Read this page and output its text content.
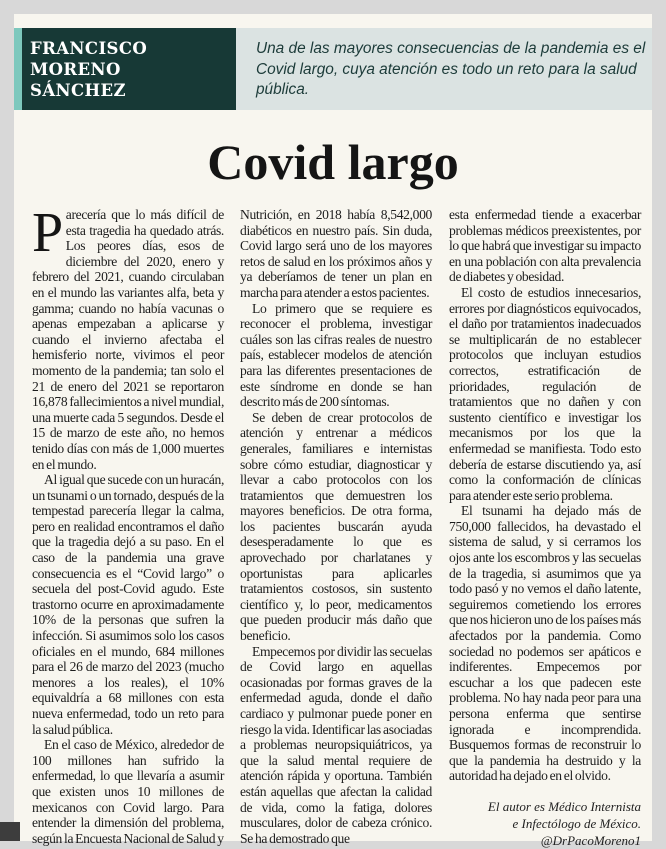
FRANCISCO
MORENO
SÁNCHEZ

Una de las mayores consecuencias de la pandemia es el Covid largo, cuya atención es todo un reto para la salud pública.

Covid largo

Parecería que lo más difícil de esta tragedia ha quedado atrás. Los peores días, esos de diciembre del 2020, enero y febrero del 2021, cuando circulaban en el mundo las variantes alfa, beta y gamma; cuando no había vacunas o apenas empezaban a aplicarse y cuando el invierno afectaba el hemisferio norte, vivimos el peor momento de la pandemia; tan solo el 21 de enero del 2021 se reportaron 16,878 fallecimientos a nivel mundial, una muerte cada 5 segundos. Desde el 15 de marzo de este año, no hemos tenido días con más de 1,000 muertes en el mundo.

Al igual que sucede con un huracán, un tsunami o un tornado, después de la tempestad parecería llegar la calma, pero en realidad encontramos el daño que la tragedia dejó a su paso. En el caso de la pandemia una grave consecuencia es el “Covid largo” o secuela del post-Covid agudo. Este trastorno ocurre en aproximadamente 10% de la personas que sufren la infección. Si asumimos solo los casos oficiales en el mundo, 684 millones para el 26 de marzo del 2023 (mucho menores a los reales), el 10% equivaldría a 68 millones con esta nueva enfermedad, todo un reto para la salud pública.

En el caso de México, alrededor de 100 millones han sufrido la enfermedad, lo que llevaría a asumir que existen unos 10 millones de mexicanos con Covid largo. Para entender la dimensión del problema, según la Encuesta Nacional de Salud y

Nutrición, en 2018 había 8,542,000 diabéticos en nuestro país. Sin duda, Covid largo será uno de los mayores retos de salud en los próximos años y ya deberíamos de tener un plan en marcha para atender a estos pacientes.

Lo primero que se requiere es reconocer el problema, investigar cuáles son las cifras reales de nuestro país, establecer modelos de atención para las diferentes presentaciones de este síndrome en donde se han descrito más de 200 síntomas.

Se deben de crear protocolos de atención y entrenar a médicos generales, familiares e internistas sobre cómo estudiar, diagnosticar y llevar a cabo protocolos con los tratamientos que demuestren los mayores beneficios. De otra forma, los pacientes buscarán ayuda desesperadamente lo que es aprovechado por charlatanes y oportunistas para aplicarles tratamientos costosos, sin sustento científico y, lo peor, medicamentos que pueden producir más daño que beneficio.

Empecemos por dividir las secuelas de Covid largo en aquellas ocasionadas por formas graves de la enfermedad aguda, donde el daño cardiaco y pulmonar puede poner en riesgo la vida. Identificar las asociadas a problemas neuropsiquiátricos, ya que la salud mental requiere de atención rápida y oportuna. También están aquellas que afectan la calidad de vida, como la fatiga, dolores musculares, dolor de cabeza crónico. Se ha demostrado que

esta enfermedad tiende a exacerbar problemas médicos preexistentes, por lo que habrá que investigar su impacto en una población con alta prevalencia de diabetes y obesidad.

El costo de estudios innecesarios, errores por diagnósticos equivocados, el daño por tratamientos inadecuados se multiplicarán de no establecer protocolos que incluyan estudios correctos, estratificación de prioridades, regulación de tratamientos que no dañen y con sustento científico e investigar los mecanismos por los que la enfermedad se manifiesta. Todo esto debería de estarse discutiendo ya, así como la conformación de clínicas para atender este serio problema.

El tsunami ha dejado más de 750,000 fallecidos, ha devastado el sistema de salud, y si cerramos los ojos ante los escombros y las secuelas de la tragedia, si asumimos que ya todo pasó y no vemos el daño latente, seguiremos cometiendo los errores que nos hicieron uno de los países más afectados por la pandemia. Como sociedad no podemos ser apáticos e indiferentes. Empecemos por escuchar a los que padecen este problema. No hay nada peor para una persona enferma que sentirse ignorada e incomprendida. Busquemos formas de reconstruir lo que la pandemia ha destruido y la autoridad ha dejado en el olvido.

El autor es Médico Internista
e Infectólogo de México.
@DrPacoMoreno1
